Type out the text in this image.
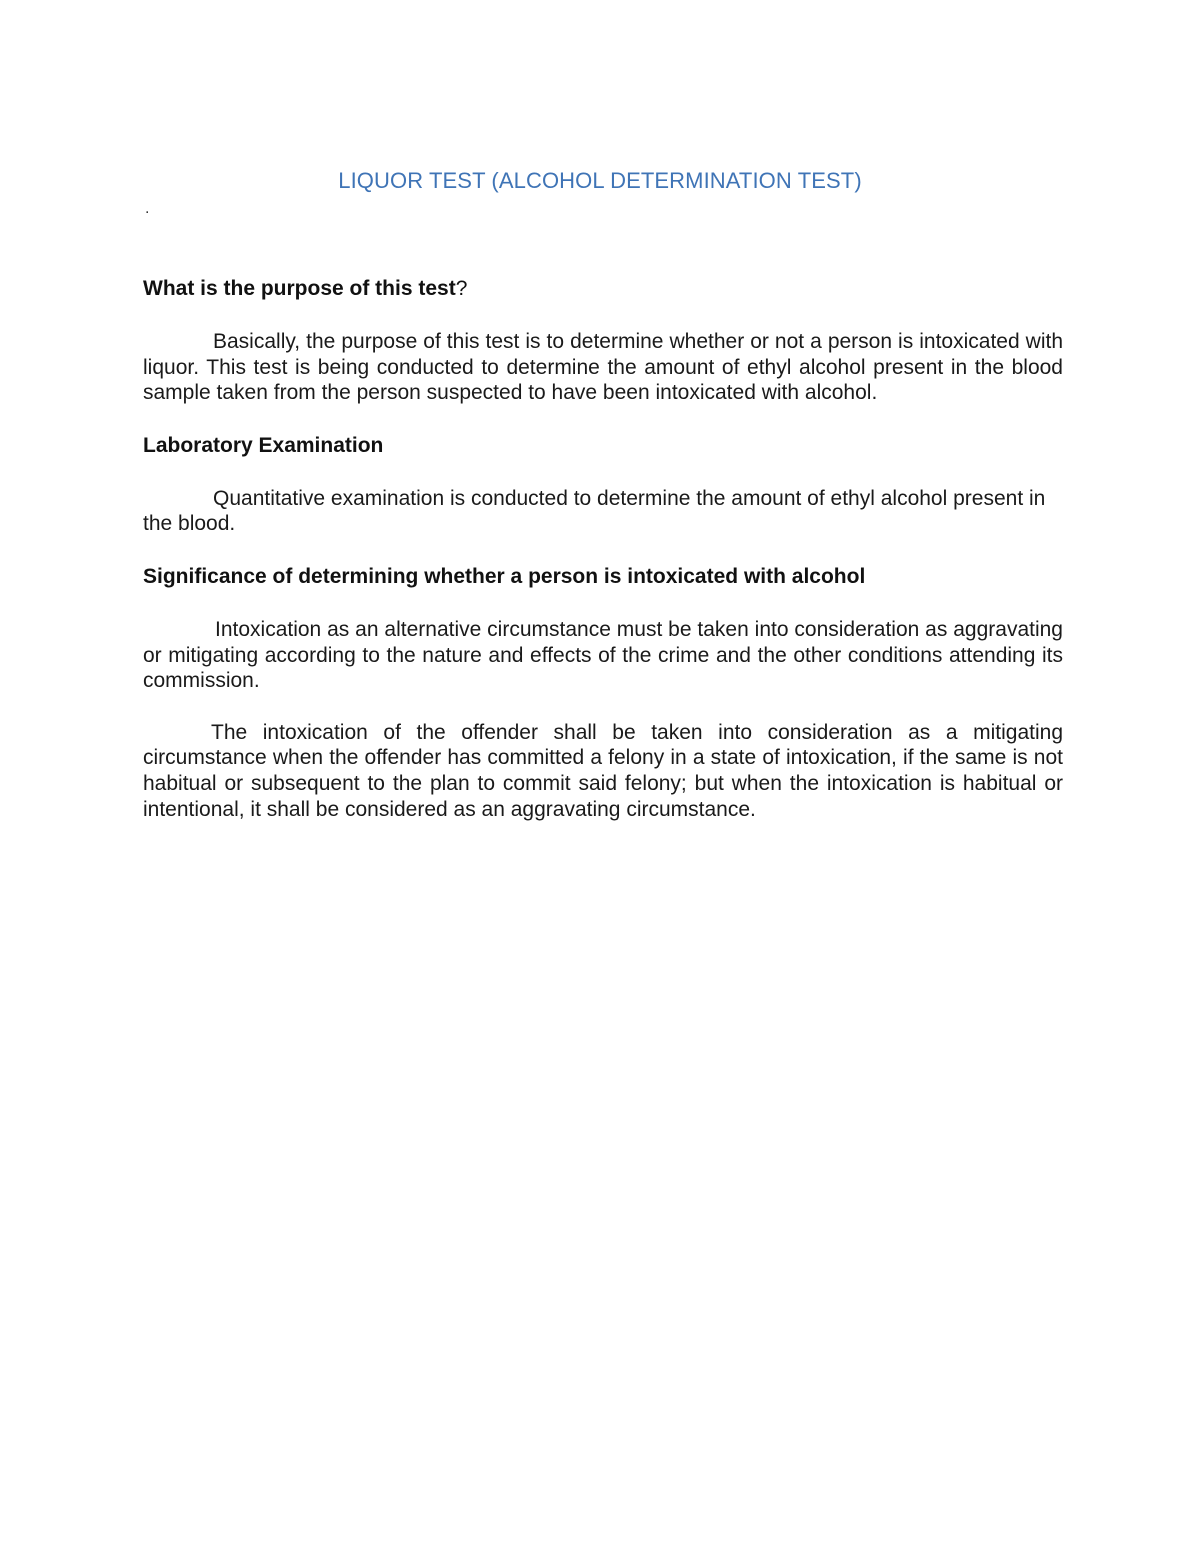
LIQUOR TEST (ALCOHOL DETERMINATION TEST)
.

What is the purpose of this test?

Basically, the purpose of this test is to determine whether or not a person is intoxicated with liquor. This test is being conducted to determine the amount of ethyl alcohol present in the blood sample taken from the person suspected to have been intoxicated with alcohol.

Laboratory Examination

Quantitative examination is conducted to determine the amount of ethyl alcohol present in the blood.

Significance of determining whether a person is intoxicated with alcohol

Intoxication as an alternative circumstance must be taken into consideration as aggravating or mitigating according to the nature and effects of the crime and the other conditions attending its commission.

The intoxication of the offender shall be taken into consideration as a mitigating circumstance when the offender has committed a felony in a state of intoxication, if the same is not habitual or subsequent to the plan to commit said felony; but when the intoxication is habitual or intentional, it shall be considered as an aggravating circumstance.
